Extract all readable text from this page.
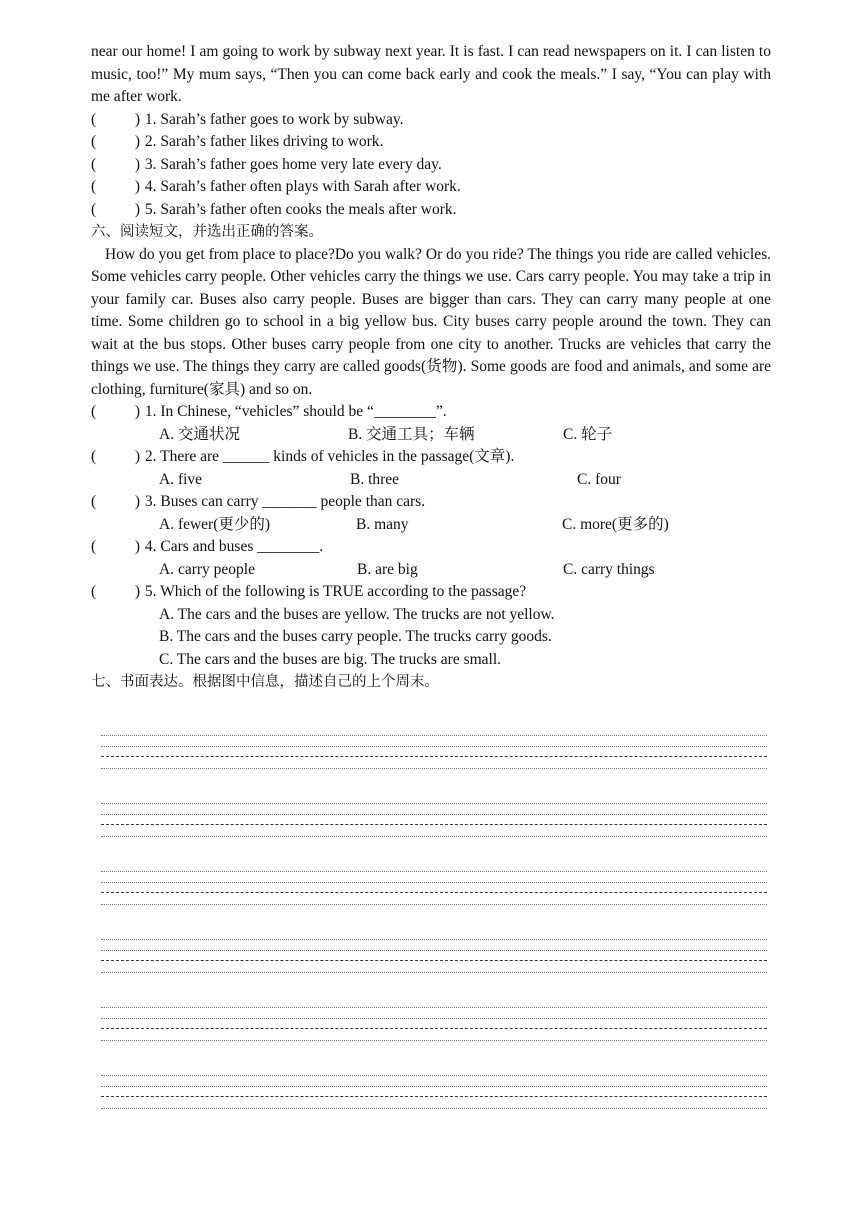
near our home! I am going to work by subway next year. It is fast. I can read newspapers on it. I can listen to music, too!” My mum says, “Then you can come back early and cook the meals.” I say, “You can play with me after work.

(	) 1. Sarah’s father goes to work by subway.
(	) 2. Sarah’s father likes driving to work.
(	) 3. Sarah’s father goes home very late every day.
(	) 4. Sarah’s father often plays with Sarah after work.
(	) 5. Sarah’s father often cooks the meals after work.
六、阅读短文，并选出正确的答案。

How do you get from place to place?Do you walk? Or do you ride? The things you ride are called vehicles. Some vehicles carry people. Other vehicles carry the things we use. Cars carry people. You may take a trip in your family car. Buses also carry people. Buses are bigger than cars. They can carry many people at one time. Some children go to school in a big yellow bus. City buses carry people around the town. They can wait at the bus stops. Other buses carry people from one city to another. Trucks are vehicles that carry the things we use. The things they carry are called goods(货物). Some goods are food and animals, and some are clothing, furniture(家具) and so on.

(	) 1. In Chinese, “vehicles” should be “________”.
A. 交通状况	B. 交通工具；车辆	C. 轮子
(	) 2. There are ______ kinds of vehicles in the passage(文章).
A. five	B. three	C. four
(	) 3. Buses can carry _______ people than cars.
A. fewer(更少的)	B. many	C. more(更多的)
(	) 4. Cars and buses ________.
A. carry people	B. are big	C. carry things
(	) 5. Which of the following is TRUE according to the passage?
A. The cars and the buses are yellow. The trucks are not yellow.
B. The cars and the buses carry people. The trucks carry goods.
C. The cars and the buses are big. The trucks are small.
七、书面表达。根据图中信息，描述自己的上个周末。
